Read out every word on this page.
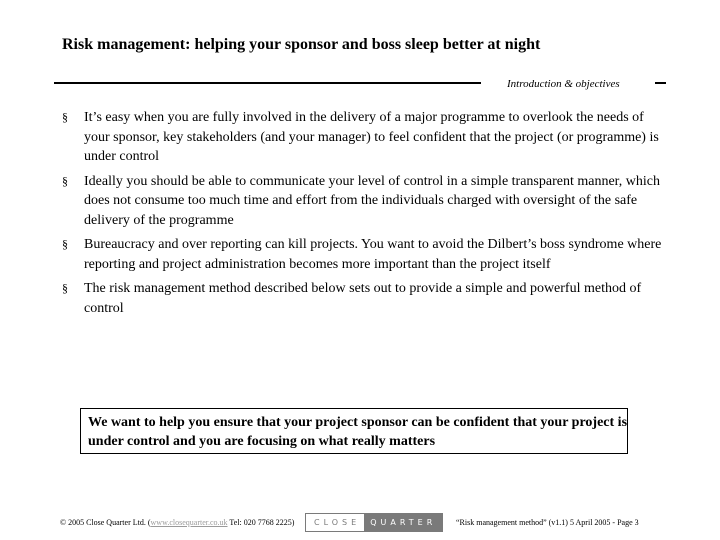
Risk management: helping your sponsor and boss sleep better at night
Introduction & objectives
§ It’s easy when you are fully involved in the delivery of a major programme to overlook the needs of your sponsor, key stakeholders (and your manager) to feel confident that the project (or programme) is under control
§ Ideally you should be able to communicate your level of control in a simple transparent manner, which does not consume too much time and effort from the individuals charged with oversight of the safe delivery of the programme
§ Bureaucracy and over reporting can kill projects. You want to avoid the Dilbert’s boss syndrome where reporting and project administration becomes more important than the project itself
§ The risk management method described below sets out to provide a simple and powerful method of control
We want to help you ensure that your project sponsor can be confident that your project is under control and you are focusing on what really matters
© 2005 Close Quarter Ltd. (www.closequarter.co.uk Tel: 020 7768 2225)	CLOSE	QUARTER	“Risk management method” (v1.1) 5 April 2005 - Page 3
